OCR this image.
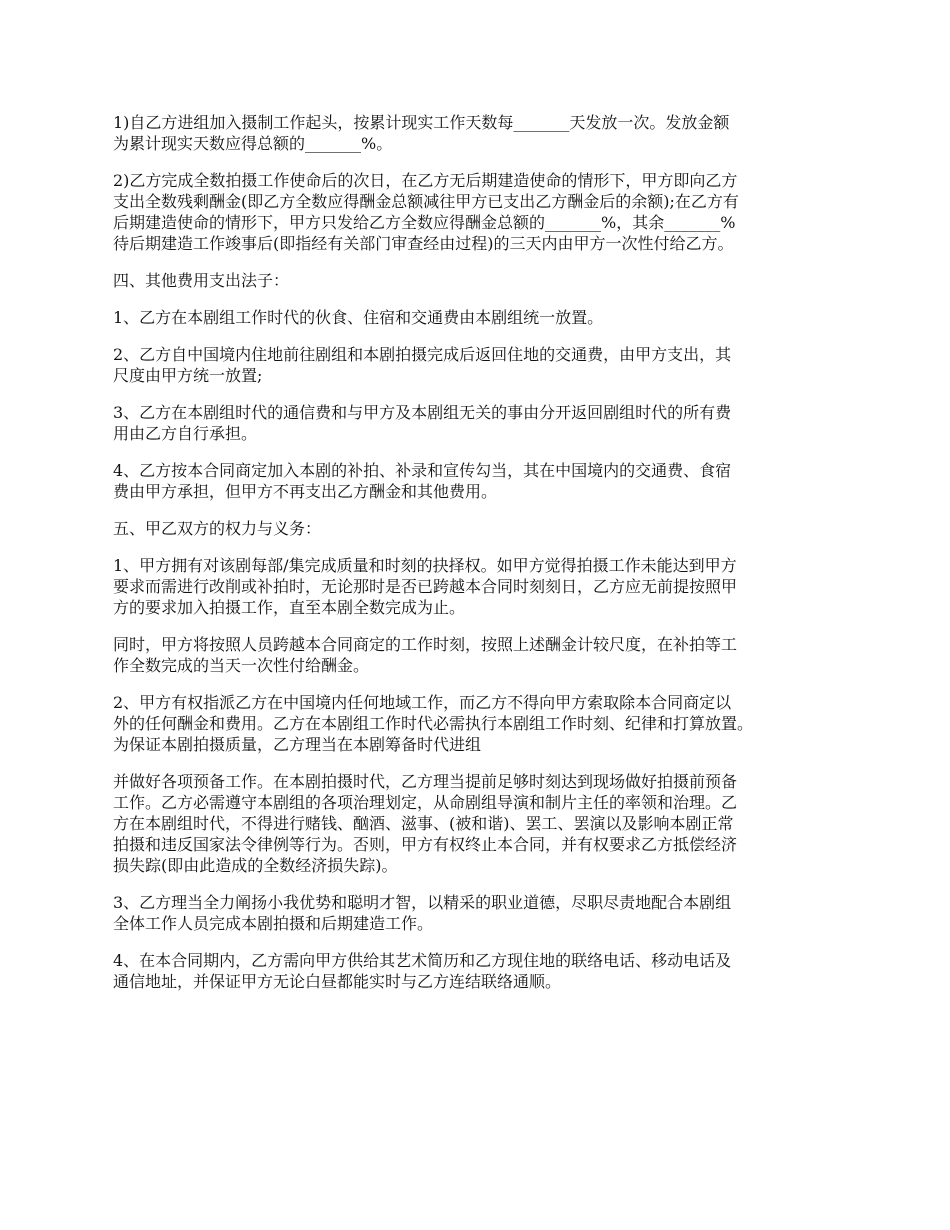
1)自乙方进组加入摄制工作起头，按累计现实工作天数每_______天发放一次。发放金额
为累计现实天数应得总额的_______%。

2)乙方完成全数拍摄工作使命后的次日，在乙方无后期建造使命的情形下，甲方即向乙方
支出全数残剩酬金(即乙方全数应得酬金总额减往甲方已支出乙方酬金后的余额);在乙方有
后期建造使命的情形下，甲方只发给乙方全数应得酬金总额的_______%，其余_______%
待后期建造工作竣事后(即指经有关部门审查经由过程)的三天内由甲方一次性付给乙方。

四、其他费用支出法子：

1、乙方在本剧组工作时代的伙食、住宿和交通费由本剧组统一放置。

2、乙方自中国境内住地前往剧组和本剧拍摄完成后返回住地的交通费，由甲方支出，其
尺度由甲方统一放置;

3、乙方在本剧组时代的通信费和与甲方及本剧组无关的事由分开返回剧组时代的所有费
用由乙方自行承担。

4、乙方按本合同商定加入本剧的补拍、补录和宣传勾当，其在中国境内的交通费、食宿
费由甲方承担，但甲方不再支出乙方酬金和其他费用。

五、甲乙双方的权力与义务：

1、甲方拥有对该剧每部/集完成质量和时刻的抉择权。如甲方觉得拍摄工作未能达到甲方
要求而需进行改削或补拍时，无论那时是否已跨越本合同时刻刻日，乙方应无前提按照甲
方的要求加入拍摄工作，直至本剧全数完成为止。

同时，甲方将按照人员跨越本合同商定的工作时刻，按照上述酬金计较尺度，在补拍等工
作全数完成的当天一次性付给酬金。

2、甲方有权指派乙方在中国境内任何地域工作，而乙方不得向甲方索取除本合同商定以
外的任何酬金和费用。乙方在本剧组工作时代必需执行本剧组工作时刻、纪律和打算放置。
为保证本剧拍摄质量，乙方理当在本剧筹备时代进组

并做好各项预备工作。在本剧拍摄时代，乙方理当提前足够时刻达到现场做好拍摄前预备
工作。乙方必需遵守本剧组的各项治理划定，从命剧组导演和制片主任的率领和治理。乙
方在本剧组时代，不得进行赌钱、酗酒、滋事、(被和谐)、罢工、罢演以及影响本剧正常
拍摄和违反国家法令律例等行为。否则，甲方有权终止本合同，并有权要求乙方抵偿经济
损失踪(即由此造成的全数经济损失踪)。

3、乙方理当全力阐扬小我优势和聪明才智，以精采的职业道德，尽职尽责地配合本剧组
全体工作人员完成本剧拍摄和后期建造工作。

4、在本合同期内，乙方需向甲方供给其艺术简历和乙方现住地的联络电话、移动电话及
通信地址，并保证甲方无论白昼都能实时与乙方连结联络通顺。
